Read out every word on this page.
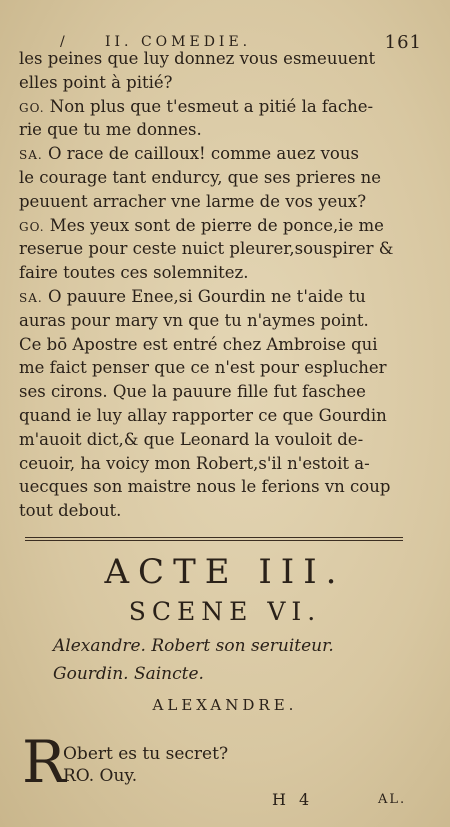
/	II. COMEDIE.	161
les peines que luy donnez vous esmeuuent
elles point à pitié?
GO. Non plus que t'esmeut a pitié la fache-
rie que tu me donnes.
SA. O race de cailloux! comme auez vous
le courage tant endurcy, que ses prieres ne
peuuent arracher vne larme de vos yeux?
GO. Mes yeux sont de pierre de ponce,ie me
reserue pour ceste nuict pleurer,souspirer &
faire toutes ces solemnitez.
SA. O pauure Enee,si Gourdin ne t'aide tu
auras pour mary vn que tu n'aymes point.
Ce bō Apostre est entré chez Ambroise qui
me faict penser que ce n'est pour esplucher
ses cirons. Que la pauure fille fut faschee
quand ie luy allay rapporter ce que Gourdin
m'auoit dict,& que Leonard la vouloit de-
ceuoir, ha voicy mon Robert,s'il n'estoit a-
uecques son maistre nous le ferions vn coup
tout debout.
ACTE III.
SCENE VI.
Alexandre. Robert son seruiteur.
Gourdin. Saincte.
ALEXANDRE.
R
Obert es tu secret?
RO. Ouy.
H 4	AL.
